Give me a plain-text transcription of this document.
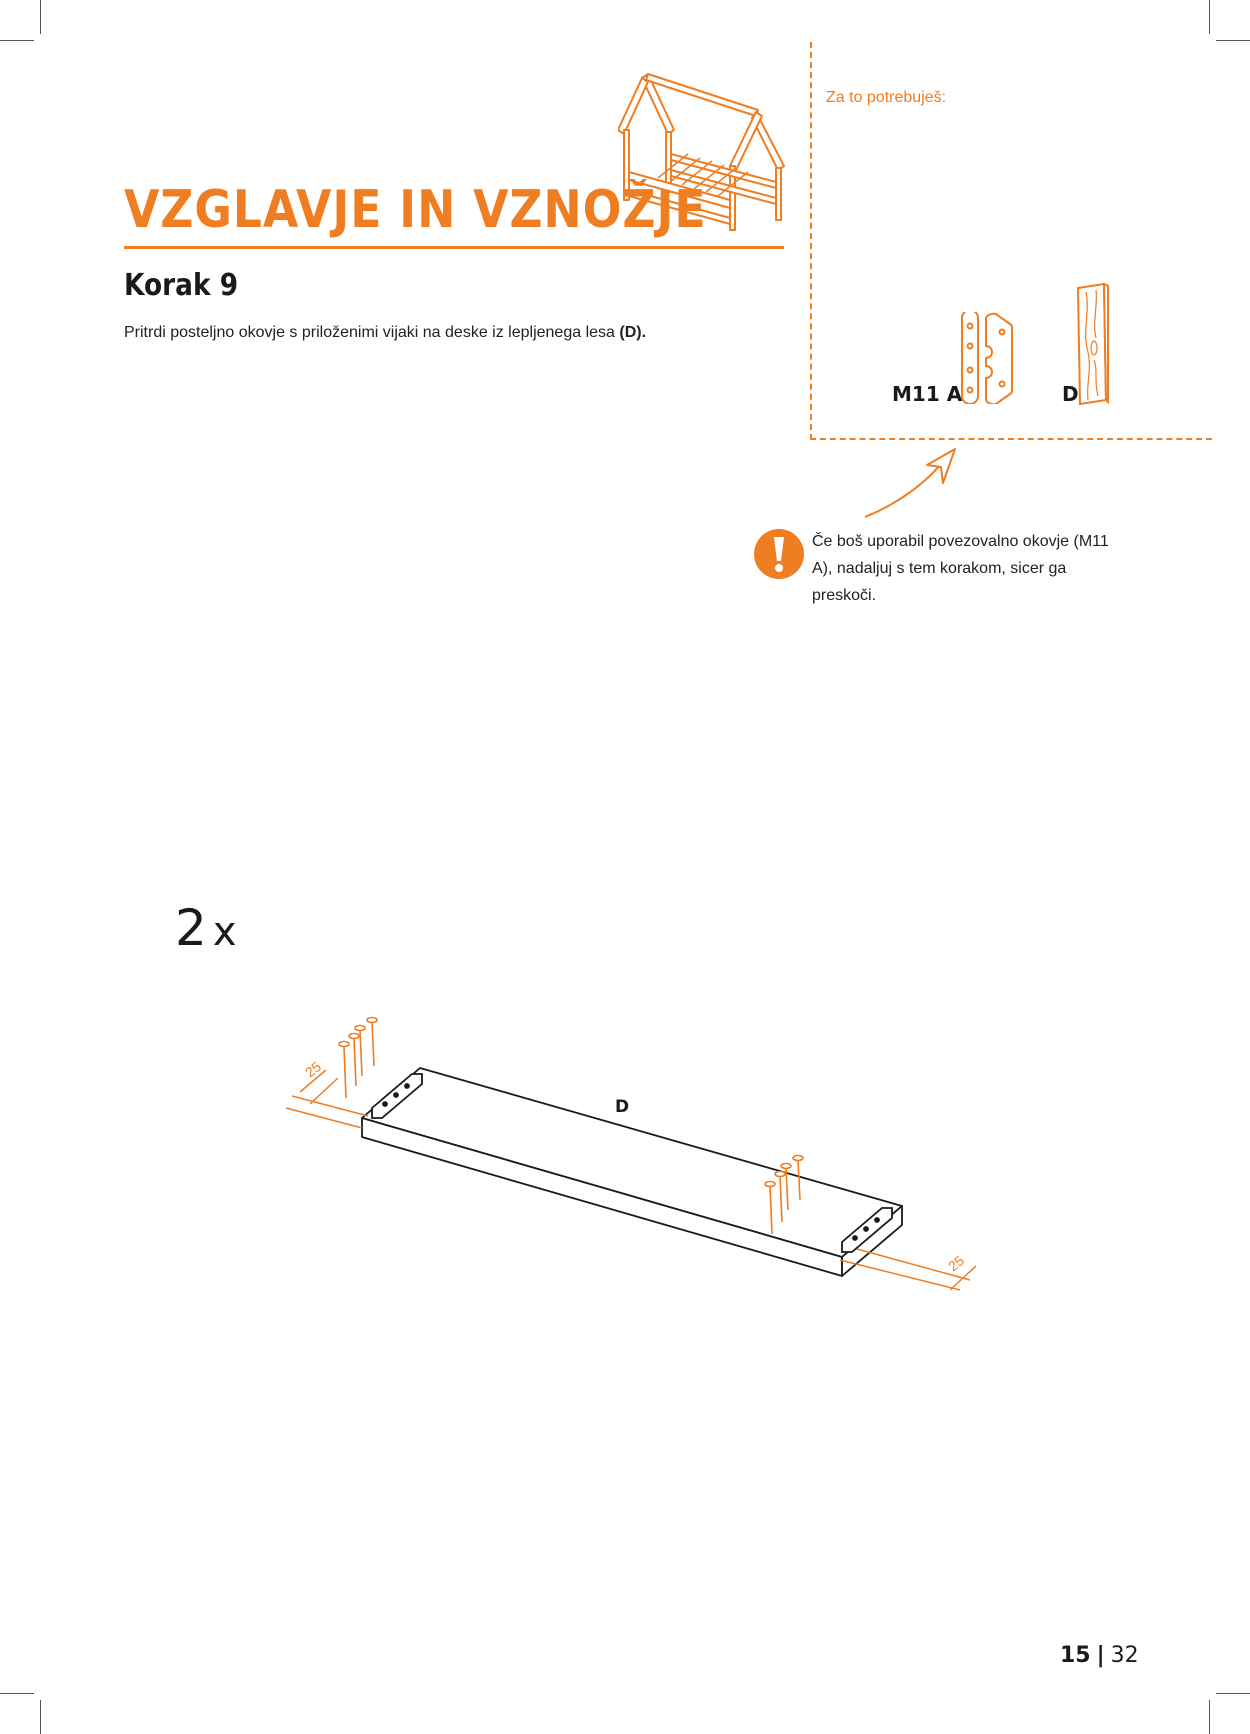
VZGLAVJE IN VZNOŽJE
Korak 9

Pritrdi posteljno okovje s priloženimi vijaki na deske iz lepljenega lesa (D).

Za to potrebuješ:
M11 A	D

Če boš uporabil povezovalno okovje (M11 A), nadaljuj s tem korakom, sicer ga preskoči.

2 x
25
25
D
15 | 32
